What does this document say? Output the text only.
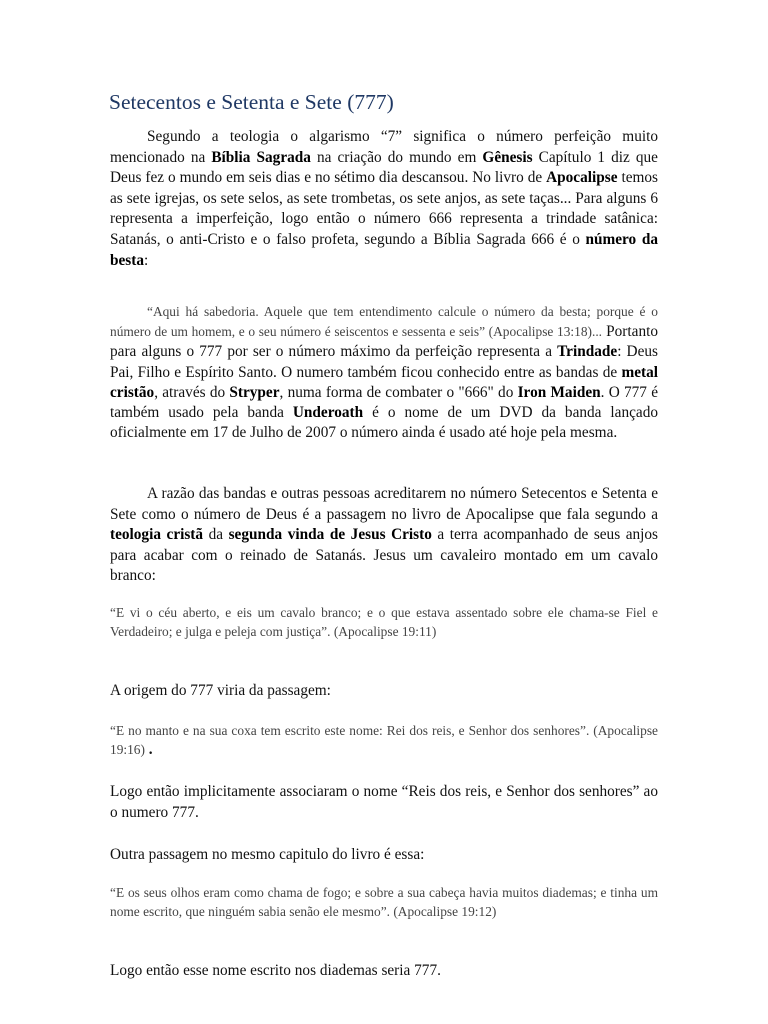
Setecentos e Setenta e Sete (777)

Segundo a teologia o algarismo “7” significa o número perfeição muito mencionado na Bíblia Sagrada na criação do mundo em Gênesis Capítulo 1 diz que Deus fez o mundo em seis dias e no sétimo dia descansou. No livro de Apocalipse temos as sete igrejas, os sete selos, as sete trombetas, os sete anjos, as sete taças... Para alguns 6 representa a imperfeição, logo então o número 666 representa a trindade satânica: Satanás, o anti-Cristo e o falso profeta, segundo a Bíblia Sagrada 666 é o número da besta:

“Aqui há sabedoria. Aquele que tem entendimento calcule o número da besta; porque é o número de um homem, e o seu número é seiscentos e sessenta e seis” (Apocalipse 13:18)... Portanto para alguns o 777 por ser o número máximo da perfeição representa a Trindade: Deus Pai, Filho e Espírito Santo. O numero também ficou conhecido entre as bandas de metal cristão, através do Stryper, numa forma de combater o "666" do Iron Maiden. O 777 é também usado pela banda Underoath é o nome de um DVD da banda lançado oficialmente em 17 de Julho de 2007 o número ainda é usado até hoje pela mesma.

A razão das bandas e outras pessoas acreditarem no número Setecentos e Setenta e Sete como o número de Deus é a passagem no livro de Apocalipse que fala segundo a teologia cristã da segunda vinda de Jesus Cristo a terra acompanhado de seus anjos para acabar com o reinado de Satanás. Jesus um cavaleiro montado em um cavalo branco:

“E vi o céu aberto, e eis um cavalo branco; e o que estava assentado sobre ele chama-se Fiel e Verdadeiro; e julga e peleja com justiça”. (Apocalipse 19:11)

A origem do 777 viria da passagem:

“E no manto e na sua coxa tem escrito este nome: Rei dos reis, e Senhor dos senhores”. (Apocalipse 19:16) .

Logo então implicitamente associaram o nome “Reis dos reis, e Senhor dos senhores” ao o numero 777.

Outra passagem no mesmo capitulo do livro é essa:

“E os seus olhos eram como chama de fogo; e sobre a sua cabeça havia muitos diademas; e tinha um nome escrito, que ninguém sabia senão ele mesmo”. (Apocalipse 19:12)

Logo então esse nome escrito nos diademas seria 777.
